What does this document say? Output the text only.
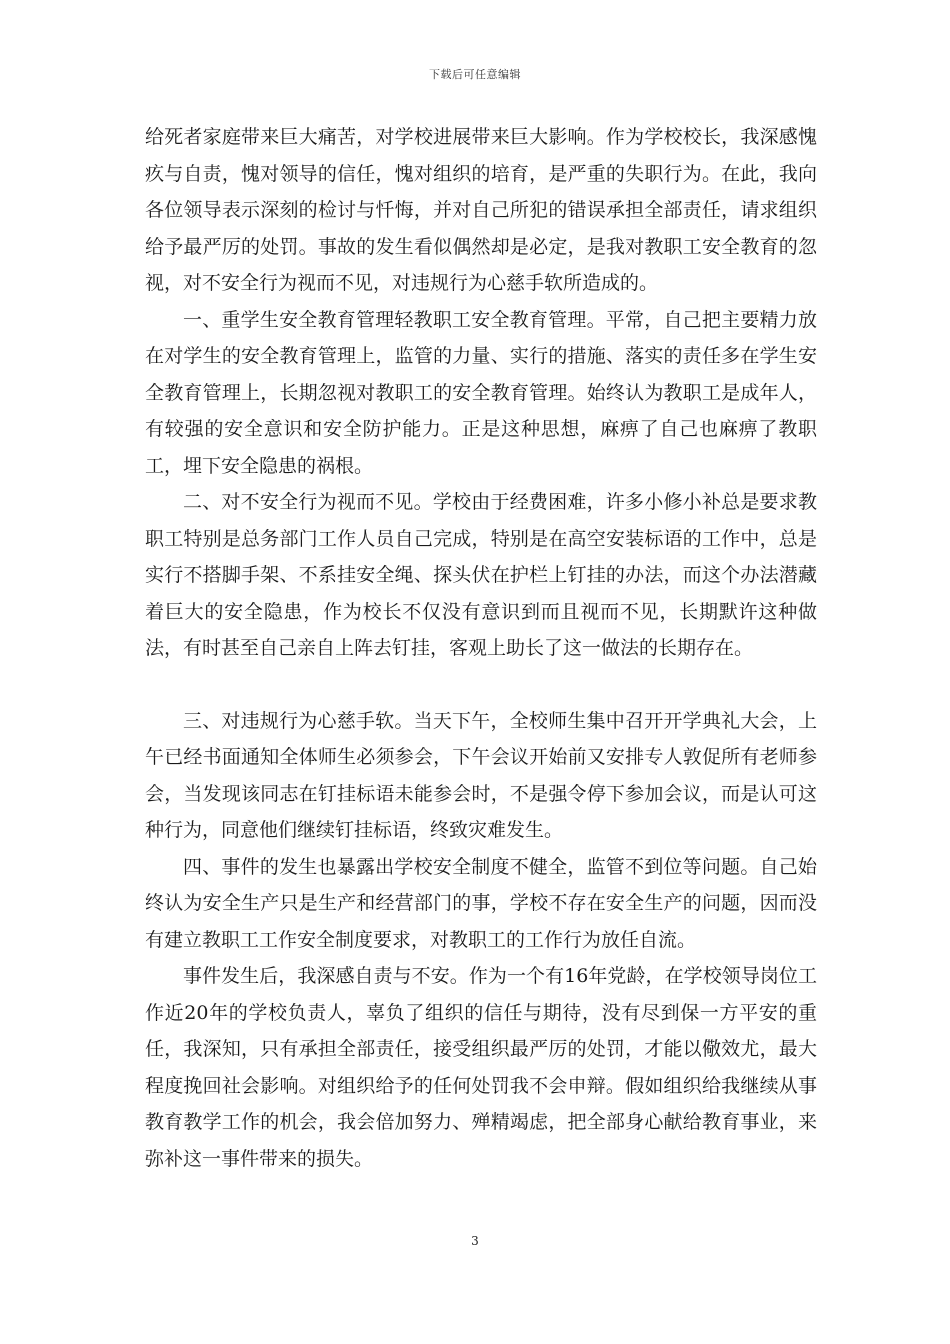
下载后可任意编辑

给死者家庭带来巨大痛苦，对学校进展带来巨大影响。作为学校校长，我深感愧疚与自责，愧对领导的信任，愧对组织的培育，是严重的失职行为。在此，我向各位领导表示深刻的检讨与忏悔，并对自己所犯的错误承担全部责任，请求组织给予最严厉的处罚。事故的发生看似偶然却是必定，是我对教职工安全教育的忽视，对不安全行为视而不见，对违规行为心慈手软所造成的。

一、重学生安全教育管理轻教职工安全教育管理。平常，自己把主要精力放在对学生的安全教育管理上，监管的力量、实行的措施、落实的责任多在学生安全教育管理上，长期忽视对教职工的安全教育管理。始终认为教职工是成年人，有较强的安全意识和安全防护能力。正是这种思想，麻痹了自己也麻痹了教职工，埋下安全隐患的祸根。

二、对不安全行为视而不见。学校由于经费困难，许多小修小补总是要求教职工特别是总务部门工作人员自己完成，特别是在高空安装标语的工作中，总是实行不搭脚手架、不系挂安全绳、探头伏在护栏上钉挂的办法，而这个办法潜藏着巨大的安全隐患，作为校长不仅没有意识到而且视而不见，长期默许这种做法，有时甚至自己亲自上阵去钉挂，客观上助长了这一做法的长期存在。

三、对违规行为心慈手软。当天下午，全校师生集中召开开学典礼大会，上午已经书面通知全体师生必须参会，下午会议开始前又安排专人敦促所有老师参会，当发现该同志在钉挂标语未能参会时，不是强令停下参加会议，而是认可这种行为，同意他们继续钉挂标语，终致灾难发生。

四、事件的发生也暴露出学校安全制度不健全，监管不到位等问题。自己始终认为安全生产只是生产和经营部门的事，学校不存在安全生产的问题，因而没有建立教职工工作安全制度要求，对教职工的工作行为放任自流。

事件发生后，我深感自责与不安。作为一个有16年党龄，在学校领导岗位工作近20年的学校负责人，辜负了组织的信任与期待，没有尽到保一方平安的重任，我深知，只有承担全部责任，接受组织最严厉的处罚，才能以儆效尤，最大程度挽回社会影响。对组织给予的任何处罚我不会申辩。假如组织给我继续从事教育教学工作的机会，我会倍加努力、殚精竭虑，把全部身心献给教育事业，来弥补这一事件带来的损失。

3
